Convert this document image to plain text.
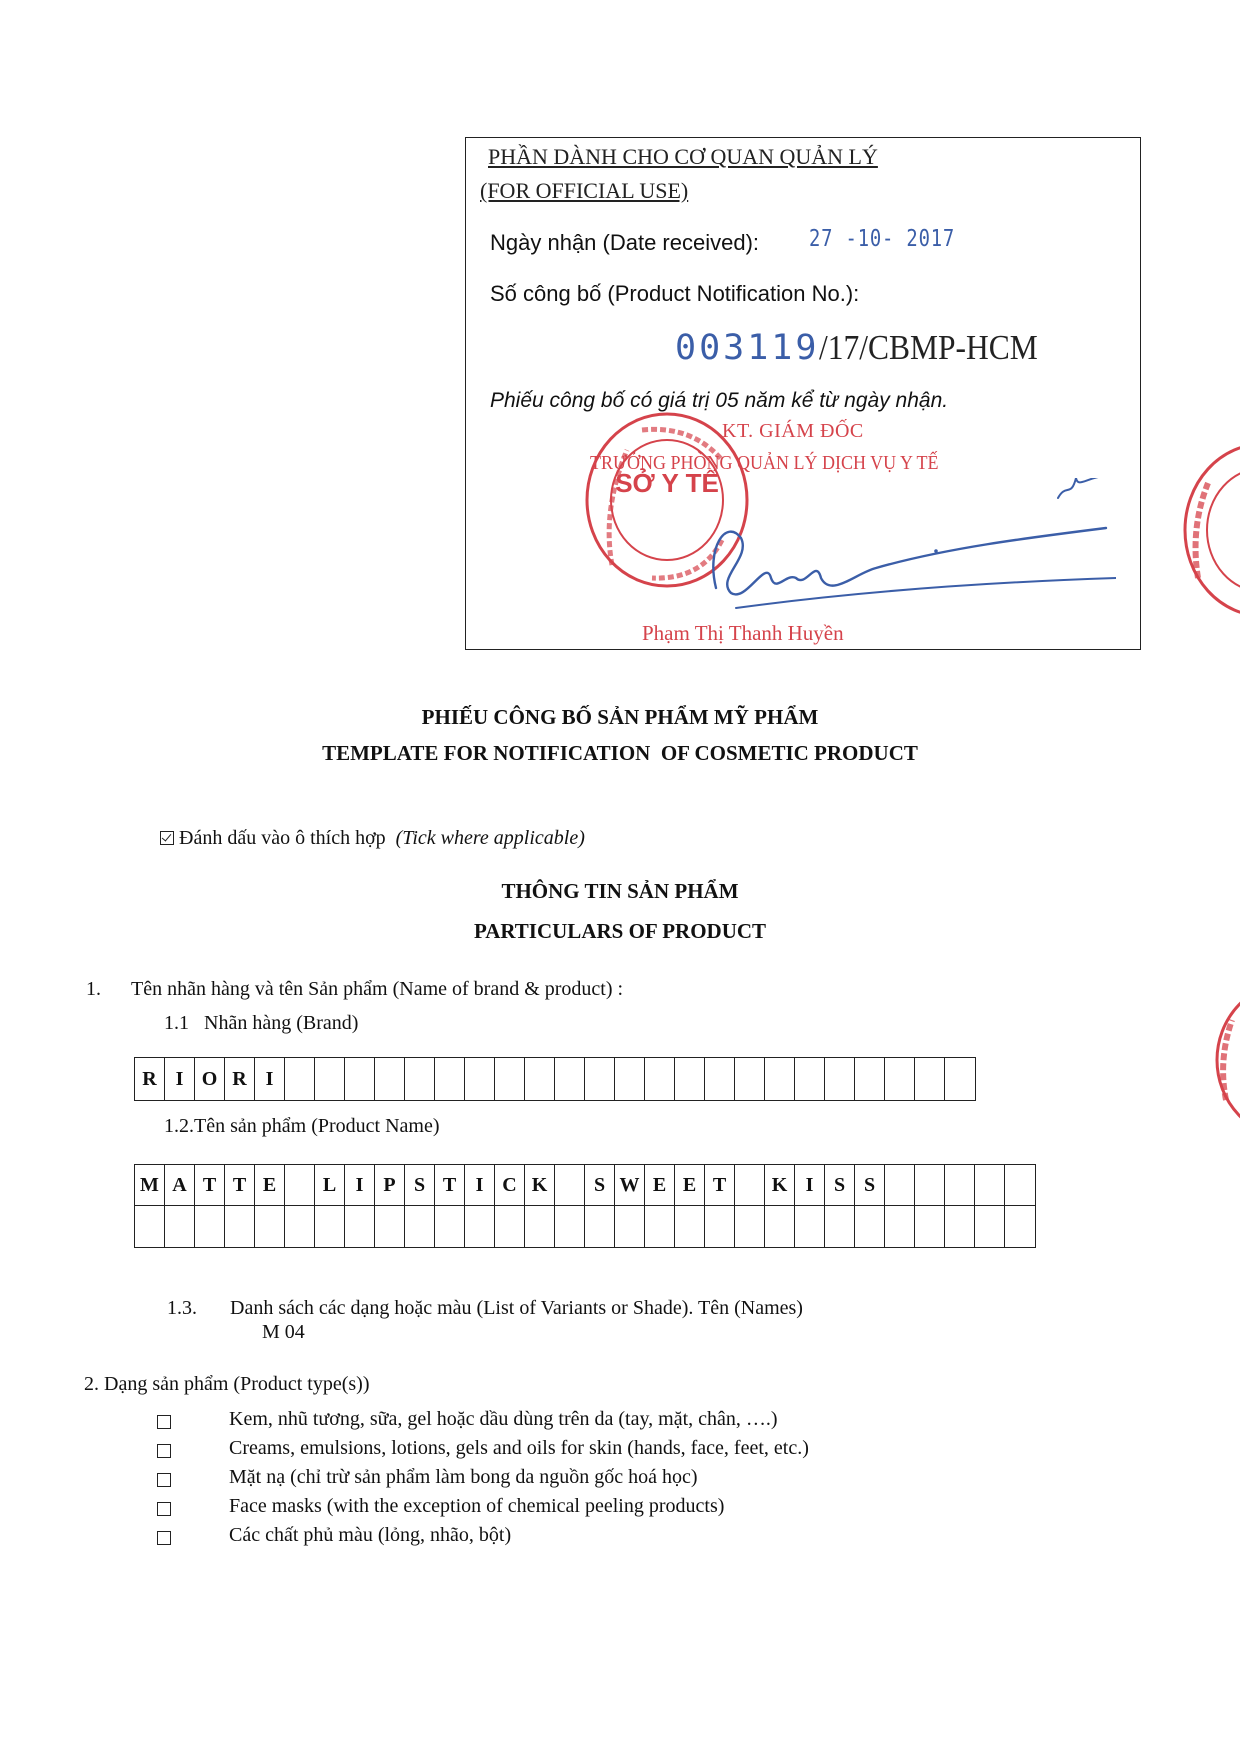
PHẦN DÀNH CHO CƠ QUAN QUẢN LÝ
(FOR OFFICIAL USE)
Ngày nhận (Date received): 27 -10- 2017
Số công bố (Product Notification No.):
003119/17/CBMP-HCM
Phiếu công bố có giá trị 05 năm kể từ ngày nhận.
KT. GIÁM ĐỐC
TRƯỞNG PHÒNG QUẢN LÝ DỊCH VỤ Y TẾ
SỞ Y TẾ
Phạm Thị Thanh Huyền
PHIẾU CÔNG BỐ SẢN PHẨM MỸ PHẨM
TEMPLATE FOR NOTIFICATION  OF COSMETIC PRODUCT
Đánh dấu vào ô thích hợp (Tick where applicable)
THÔNG TIN SẢN PHẨM
PARTICULARS OF PRODUCT
1. Tên nhãn hàng và tên Sản phẩm (Name of brand & product) :
1.1   Nhãn hàng (Brand)
R I O R I
1.2.Tên sản phẩm (Product Name)
M A T T E	L I	P S T I C K	S W E E T	K I	S S
1.3. Danh sách các dạng hoặc màu (List of Variants or Shade). Tên (Names)
M 04
2. Dạng sản phẩm (Product type(s))
Kem, nhũ tương, sữa, gel hoặc dầu dùng trên da (tay, mặt, chân, ….)
Creams, emulsions, lotions, gels and oils for skin (hands, face, feet, etc.)
Mặt nạ (chỉ trừ sản phẩm làm bong da nguồn gốc hoá học)
Face masks (with the exception of chemical peeling products)
Các chất phủ màu (lỏng, nhão, bột)
